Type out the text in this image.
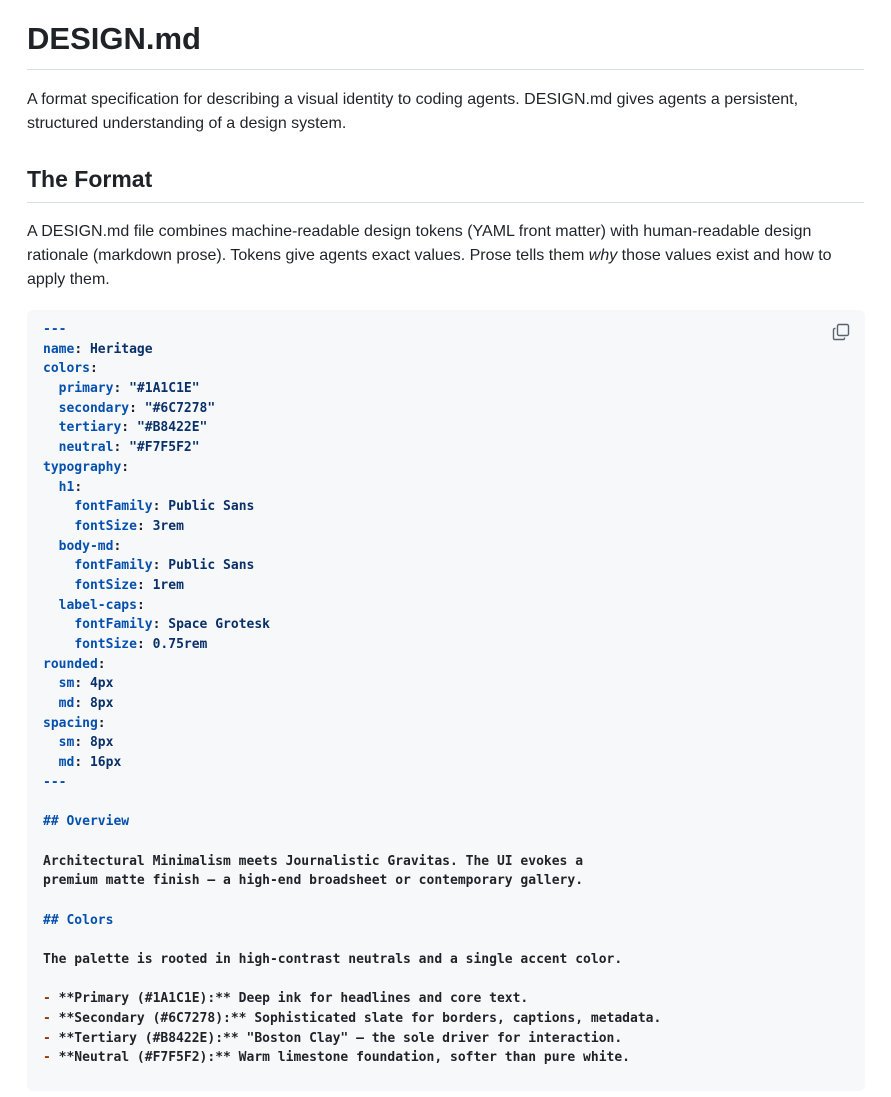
DESIGN.md

A format specification for describing a visual identity to coding agents. DESIGN.md gives agents a persistent, structured understanding of a design system.

The Format

A DESIGN.md file combines machine-readable design tokens (YAML front matter) with human-readable design rationale (markdown prose). Tokens give agents exact values. Prose tells them why those values exist and how to apply them.

---
name: Heritage
colors:
primary: "#1A1C1E"
secondary: "#6C7278"
tertiary: "#B8422E"
neutral: "#F7F5F2"
typography:
h1:
fontFamily: Public Sans
fontSize: 3rem
body-md:
fontFamily: Public Sans
fontSize: 1rem
label-caps:
fontFamily: Space Grotesk
fontSize: 0.75rem
rounded:
sm: 4px
md: 8px
spacing:
sm: 8px
md: 16px
---

## Overview

Architectural Minimalism meets Journalistic Gravitas. The UI evokes a
premium matte finish — a high-end broadsheet or contemporary gallery.

## Colors

The palette is rooted in high-contrast neutrals and a single accent color.

- **Primary (#1A1C1E):** Deep ink for headlines and core text.
- **Secondary (#6C7278):** Sophisticated slate for borders, captions, metadata.
- **Tertiary (#B8422E):** "Boston Clay" — the sole driver for interaction.
- **Neutral (#F7F5F2):** Warm limestone foundation, softer than pure white.
